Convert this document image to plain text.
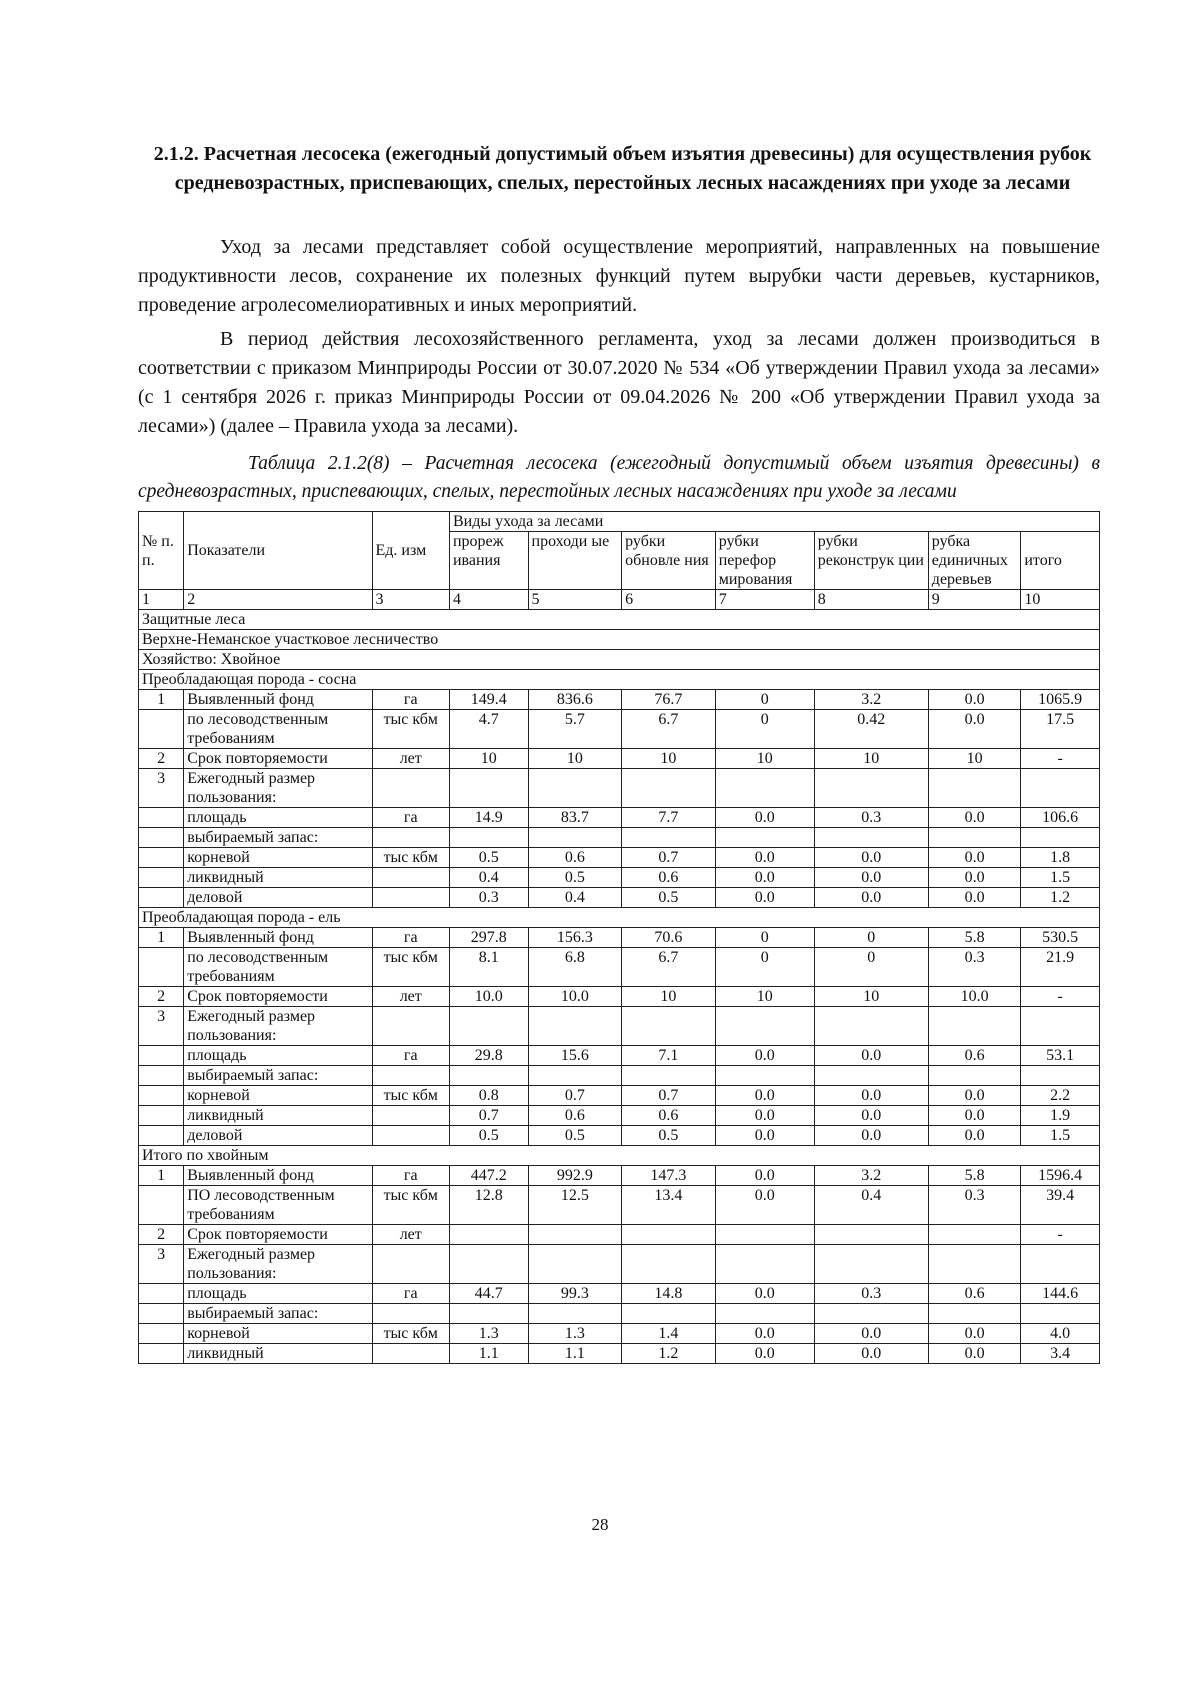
2.1.2. Расчетная лесосека (ежегодный допустимый объем изъятия древесины) для осуществления рубок средневозрастных, приспевающих, спелых, перестойных лесных насаждениях при уходе за лесами
Уход за лесами представляет собой осуществление мероприятий, направленных на повышение продуктивности лесов, сохранение их полезных функций путем вырубки части деревьев, кустарников, проведение агролесомелиоративных и иных мероприятий.
В период действия лесохозяйственного регламента, уход за лесами должен производиться в соответствии с приказом Минприроды России от 30.07.2020 № 534 «Об утверждении Правил ухода за лесами» (с 1 сентября 2026 г. приказ Минприроды России от 09.04.2026 № 200 «Об утверждении Правил ухода за лесами») (далее – Правила ухода за лесами).
Таблица 2.1.2(8) – Расчетная лесосека (ежегодный допустимый объем изъятия древесины) в средневозрастных, приспевающих, спелых, перестойных лесных насаждениях при уходе за лесами
№ п. п.	Показатели	Ед. изм	Виды ухода за лесами						
			прореж ивания	проходи ые	рубки обновле ния	рубки перефор мирования	рубки реконструк ции	рубка единичных деревьев	итого
1	2	3	4	5	6	7	8	9	10
Защитные леса									
Верхне-Неманское участковое лесничество									
Хозяйство: Хвойное									
Преобладающая порода - сосна									
1	Выявленный фонд	га	149.4	836.6	76.7	0	3.2	0.0	1065.9
	по лесоводственным требованиям	тыс кбм	4.7	5.7	6.7	0	0.42	0.0	17.5
2	Срок повторяемости	лет	10	10	10	10	10	10	-
3	Ежегодный размер пользования:								
	площадь	га	14.9	83.7	7.7	0.0	0.3	0.0	106.6
	выбираемый запас:								
	корневой	тыс кбм	0.5	0.6	0.7	0.0	0.0	0.0	1.8
	ликвидный		0.4	0.5	0.6	0.0	0.0	0.0	1.5
	деловой		0.3	0.4	0.5	0.0	0.0	0.0	1.2
Преобладающая порода - ель									
1	Выявленный фонд	га	297.8	156.3	70.6	0	0	5.8	530.5
	по лесоводственным требованиям	тыс кбм	8.1	6.8	6.7	0	0	0.3	21.9
2	Срок повторяемости	лет	10.0	10.0	10	10	10	10.0	-
3	Ежегодный размер пользования:								
	площадь	га	29.8	15.6	7.1	0.0	0.0	0.6	53.1
	выбираемый запас:								
	корневой	тыс кбм	0.8	0.7	0.7	0.0	0.0	0.0	2.2
	ликвидный		0.7	0.6	0.6	0.0	0.0	0.0	1.9
	деловой		0.5	0.5	0.5	0.0	0.0	0.0	1.5
Итого по хвойным									
1	Выявленный фонд	га	447.2	992.9	147.3	0.0	3.2	5.8	1596.4
	ПО лесоводственным требованиям	тыс кбм	12.8	12.5	13.4	0.0	0.4	0.3	39.4
2	Срок повторяемости	лет							-
3	Ежегодный размер пользования:								
	площадь	га	44.7	99.3	14.8	0.0	0.3	0.6	144.6
	выбираемый запас:								
	корневой	тыс кбм	1.3	1.3	1.4	0.0	0.0	0.0	4.0
	ликвидный		1.1	1.1	1.2	0.0	0.0	0.0	3.4
28
